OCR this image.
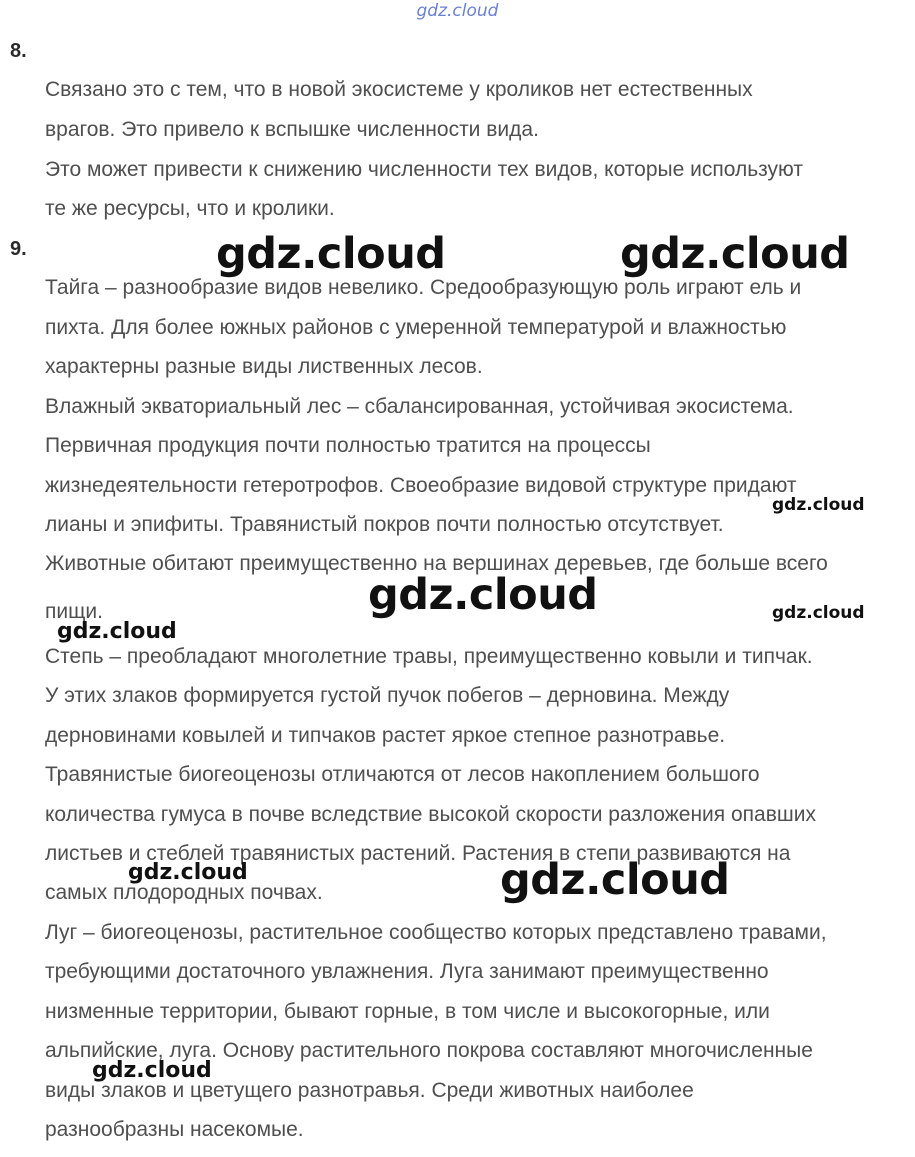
gdz.cloud
8.
Связано это с тем, что в новой экосистеме у кроликов нет естественных
врагов. Это привело к вспышке численности вида.
Это может привести к снижению численности тех видов, которые используют
те же ресурсы, что и кролики.
9.
Тайга – разнообразие видов невелико. Средообразующую роль играют ель и
пихта. Для более южных районов с умеренной температурой и влажностью
характерны разные виды лиственных лесов.
Влажный экваториальный лес – сбалансированная, устойчивая экосистема.
Первичная продукция почти полностью тратится на процессы
жизнедеятельности гетеротрофов. Своеобразие видовой структуре придают
лианы и эпифиты. Травянистый покров почти полностью отсутствует.
Животные обитают преимущественно на вершинах деревьев, где больше всего
пищи.
Степь – преобладают многолетние травы, преимущественно ковыли и типчак.
У этих злаков формируется густой пучок побегов – дерновина. Между
дерновинами ковылей и типчаков растет яркое степное разнотравье.
Травянистые биогеоценозы отличаются от лесов накоплением большого
количества гумуса в почве вследствие высокой скорости разложения опавших
листьев и стеблей травянистых растений. Растения в степи развиваются на
самых плодородных почвах.
Луг – биогеоценозы, растительное сообщество которых представлено травами,
требующими достаточного увлажнения. Луга занимают преимущественно
низменные территории, бывают горные, в том числе и высокогорные, или
альпийские, луга. Основу растительного покрова составляют многочисленные
виды злаков и цветущего разнотравья. Среди животных наиболее
разнообразны насекомые.
gdz.cloud	gdz.cloud
gdz.cloud
gdz.cloud	gdz.cloud
gdz.cloud
gdz.cloud	gdz.cloud
gdz.cloud
